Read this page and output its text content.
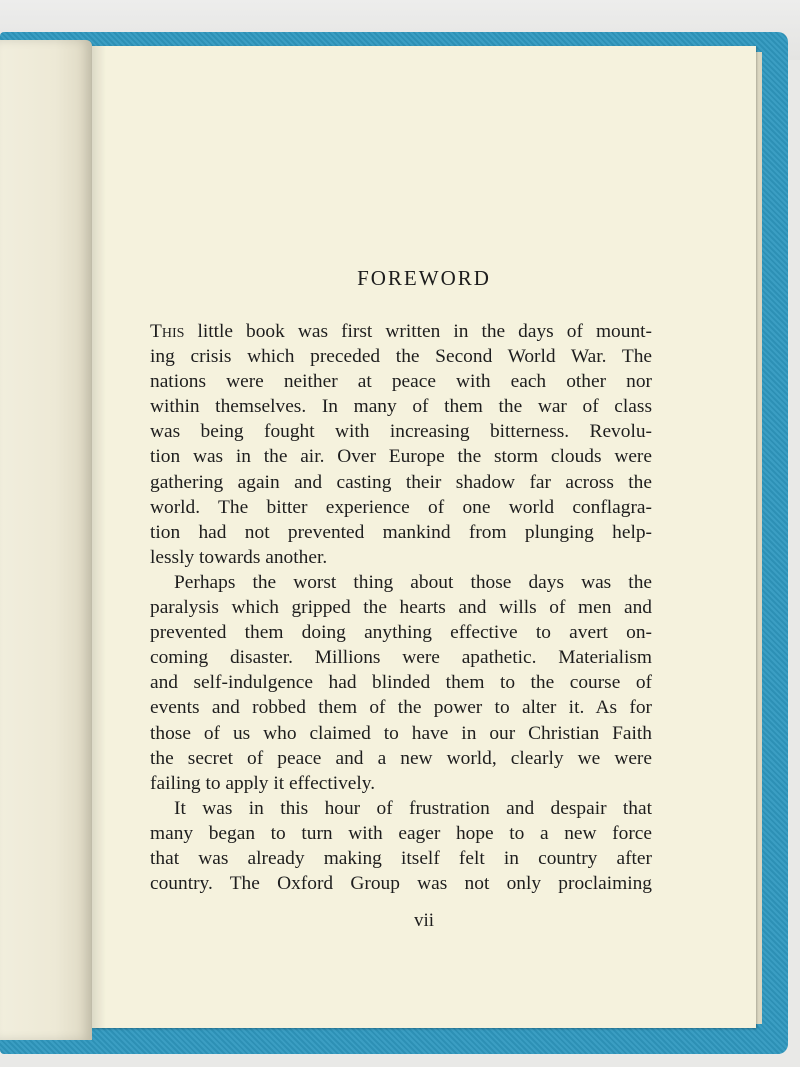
FOREWORD

This little book was first written in the days of mount-

ing crisis which preceded the Second World War. The

nations were neither at peace with each other nor

within themselves. In many of them the war of class

was being fought with increasing bitterness. Revolu-

tion was in the air. Over Europe the storm clouds were

gathering again and casting their shadow far across the

world. The bitter experience of one world conflagra-

tion had not prevented mankind from plunging help-

lessly towards another.

Perhaps the worst thing about those days was the

paralysis which gripped the hearts and wills of men and

prevented them doing anything effective to avert on-

coming disaster. Millions were apathetic. Materialism

and self-indulgence had blinded them to the course of

events and robbed them of the power to alter it. As for

those of us who claimed to have in our Christian Faith

the secret of peace and a new world, clearly we were

failing to apply it effectively.

It was in this hour of frustration and despair that

many began to turn with eager hope to a new force

that was already making itself felt in country after

country. The Oxford Group was not only proclaiming

vii
